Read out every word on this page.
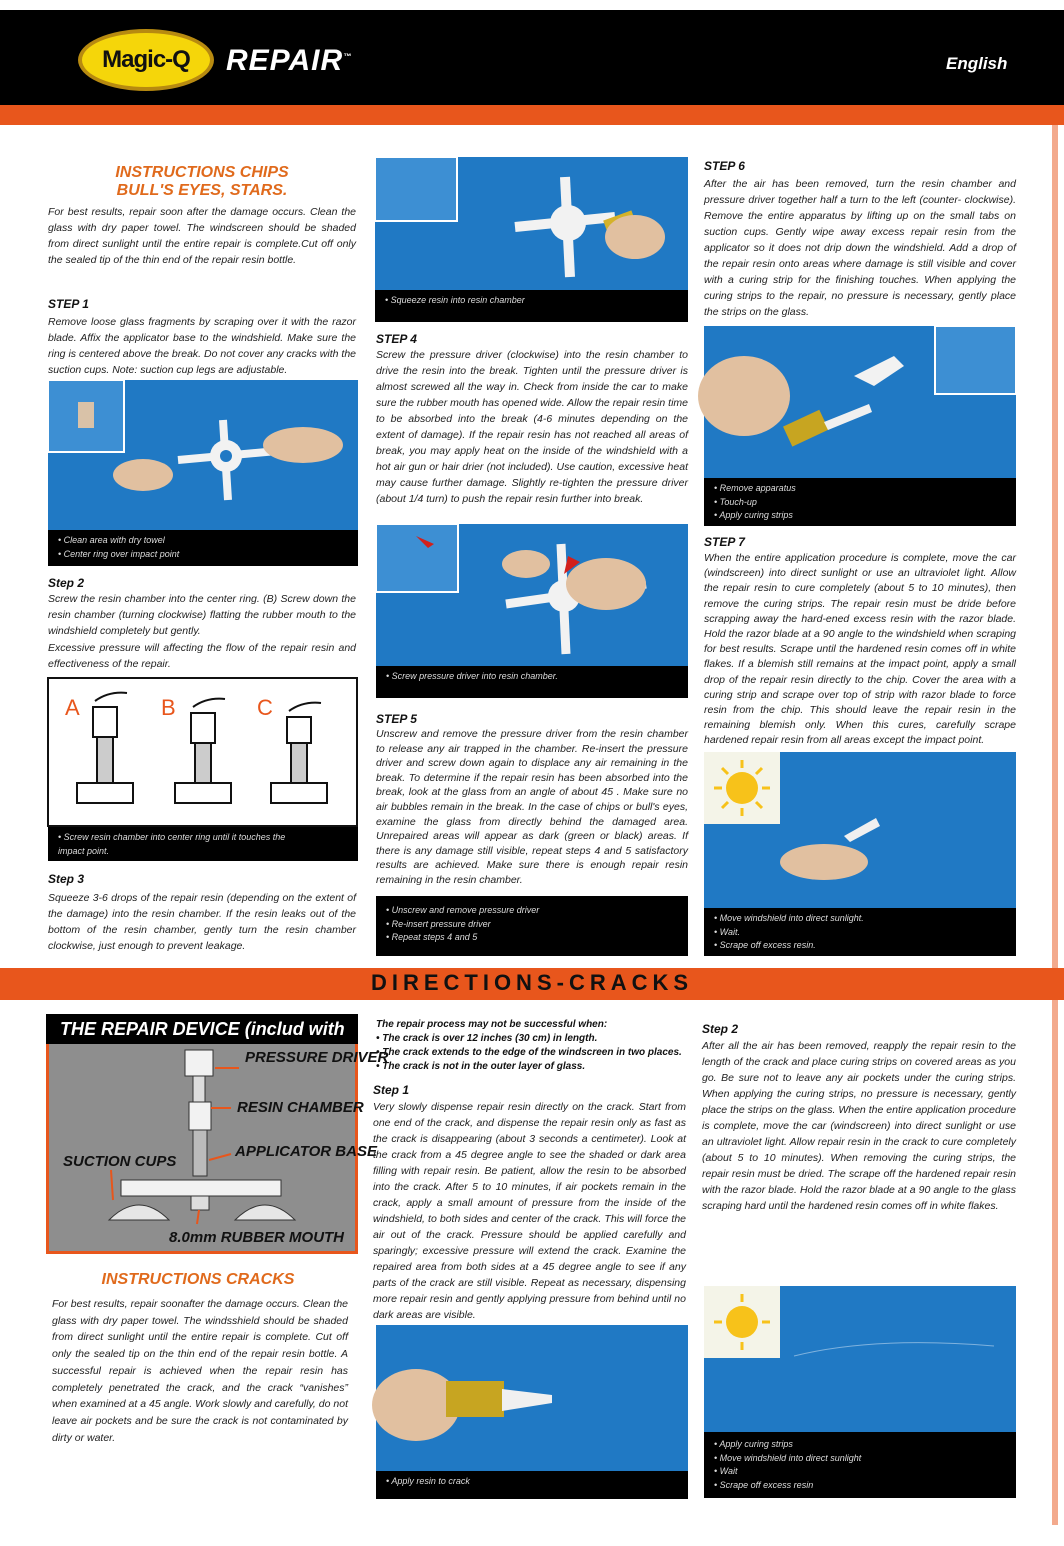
Magic-Q REPAIR™	English
INSTRUCTIONS CHIPS
BULL'S EYES, STARS.

For best results, repair soon after the damage occurs. Clean the glass with dry paper towel. The windscreen should be shaded from direct sunlight until the entire repair is complete.Cut off only the sealed tip of the thin end of the repair resin bottle.

STEP 1

Remove loose glass fragments by scraping over it with the razor blade. Affix the applicator base to the windshield. Make sure the ring is centered above the break. Do not cover any cracks with the suction cups. Note: suction cup legs are adjustable.

• Clean area with dry towel
• Center ring over impact point
Step 2

Screw the resin chamber into the center ring. (B) Screw down the resin chamber (turning clockwise) flatting the rubber mouth to the windshield completely but gently.

Excessive pressure will affecting the flow of the repair resin and effectiveness of the repair.

A	B	C
• Screw resin chamber into center ring until it touches the
impact point.
Step 3

Squeeze 3-6 drops of the repair resin (depending on the extent of the damage) into the resin chamber. If the resin leaks out of the bottom of the resin chamber, gently turn the resin chamber clockwise, just enough to prevent leakage.

• Squeeze resin into resin chamber
STEP 4

Screw the pressure driver (clockwise) into the resin chamber to drive the resin into the break. Tighten until the pressure driver is almost screwed all the way in. Check from inside the car to make sure the rubber mouth has opened wide. Allow the repair resin time to be absorbed into the break (4-6 minutes depending on the extent of damage). If the repair resin has not reached all areas of break, you may apply heat on the inside of the windshield with a hot air gun or hair drier (not included). Use caution, excessive heat may cause further damage. Slightly re-tighten the pressure driver (about 1/4 turn) to push the repair resin further into break.

• Screw pressure driver into resin chamber.
STEP 5

Unscrew and remove the pressure driver from the resin chamber to release any air trapped in the chamber. Re-insert the pressure driver and screw down again to displace any air remaining in the break. To determine if the repair resin has been absorbed into the break, look at the glass from an angle of about 45 . Make sure no air bubbles remain in the break. In the case of chips or bull's eyes, examine the glass from directly behind the damaged area. Unrepaired areas will appear as dark (green or black) areas. If there is any damage still visible, repeat steps 4 and 5 satisfactory results are achieved. Make sure there is enough repair resin remaining in the resin chamber.

• Unscrew and remove pressure driver
• Re-insert pressure driver
• Repeat steps 4 and 5
STEP 6

After the air has been removed, turn the resin chamber and pressure driver together half a turn to the left (counter- clockwise). Remove the entire apparatus by lifting up on the small tabs on suction cups. Gently wipe away excess repair resin from the applicator so it does not drip down the windshield. Add a drop of the repair resin onto areas where damage is still visible and cover with a curing strip for the finishing touches. When applying the curing strips to the repair, no pressure is necessary, gently place the strips on the glass.

• Remove apparatus
• Touch-up
• Apply curing strips
STEP 7

When the entire application procedure is complete, move the car (windscreen) into direct sunlight or use an ultraviolet light. Allow the repair resin to cure completely (about 5 to 10 minutes), then remove the curing strips. The repair resin must be dride before scrapping away the hard-ened excess resin with the razor blade. Hold the razor blade at a 90 angle to the windshield when scraping for best results. Scrape until the hardened resin comes off in white flakes. If a blemish still remains at the impact point, apply a small drop of the repair resin directly to the chip. Cover the area with a curing strip and scrape over top of strip with razor blade to force resin from the chip. This should leave the repair resin in the remaining blemish only. When this cures, carefully scrape hardened repair resin from all areas except the impact point.

• Move windshield into direct sunlight.
• Wait.
• Scrape off excess resin.
DIRECTIONS-CRACKS
THE REPAIR DEVICE (includ with
PRESSURE DRIVER
RESIN CHAMBER
APPLICATOR BASE
SUCTION CUPS
8.0mm RUBBER MOUTH
INSTRUCTIONS CRACKS

For best results, repair soonafter the damage occurs. Clean the glass with dry paper towel. The windsshield should be shaded from direct sunlight until the entire repair is complete. Cut off only the sealed tip on the thin end of the repair resin bottle. A successful repair is achieved when the repair resin has completely penetrated the crack, and the crack “vanishes” when examined at a 45 angle. Work slowly and carefully, do not leave air pockets and be sure the crack is not contaminated by dirty or water.

The repair process may not be successful when:
• The crack is over 12 inches (30 cm) in length.
• The crack extends to the edge of the windscreen in two places.
• The crack is not in the outer layer of glass.
Step 1

Very slowly dispense repair resin directly on the crack. Start from one end of the crack, and dispense the repair resin only as fast as the crack is disappearing (about 3 seconds a centimeter). Look at the crack from a 45 degree angle to see the shaded or dark area filling with repair resin. Be patient, allow the resin to be absorbed into the crack. After 5 to 10 minutes, if air pockets remain in the crack, apply a small amount of pressure from the inside of the windshield, to both sides and center of the crack. This will force the air out of the crack. Pressure should be applied carefully and sparingly; excessive pressure will extend the crack. Examine the repaired area from both sides at a 45 degree angle to see if any parts of the crack are still visible. Repeat as necessary, dispensing more repair resin and gently applying pressure from behind until no dark areas are visible.

• Apply resin to crack
Step 2

After all the air has been removed, reapply the repair resin to the length of the crack and place curing strips on covered areas as you go. Be sure not to leave any air pockets under the curing strips. When applying the curing strips, no pressure is necessary, gently place the strips on the glass. When the entire application procedure is complete, move the car (windscreen) into direct sunlight or use an ultraviolet light. Allow repair resin in the crack to cure completely (about 5 to 10 minutes). When removing the curing strips, the repair resin must be dried. The scrape off the hardened repair resin with the razor blade. Hold the razor blade at a 90 angle to the glass scraping hard until the hardened resin comes off in white flakes.

• Apply curing strips
• Move windshield into direct sunlight
• Wait
• Scrape off excess resin
